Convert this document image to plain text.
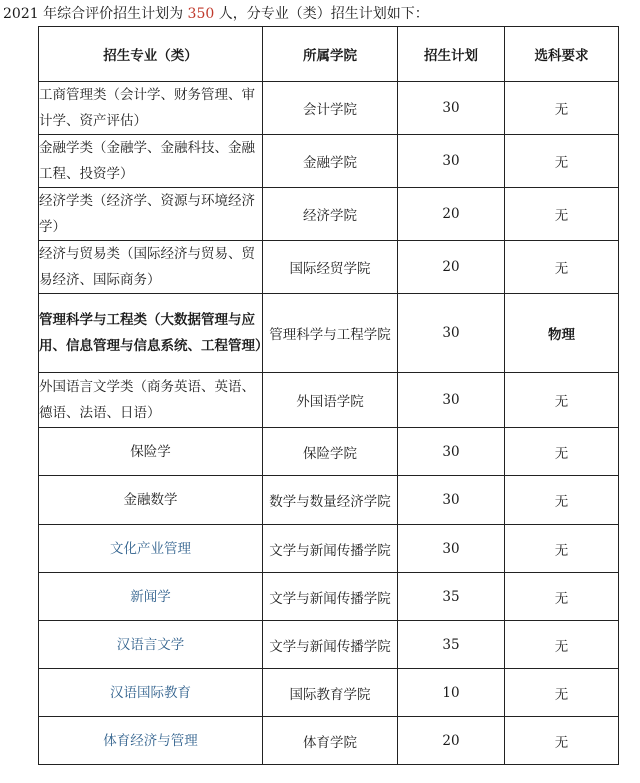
2021 年综合评价招生计划为 350 人，分专业（类）招生计划如下：
招生专业（类）	所属学院	招生计划	选科要求
工商管理类（会计学、财务管理、审计学、资产评估）	会计学院	30	无
金融学类（金融学、金融科技、金融工程、投资学）	金融学院	30	无
经济学类（经济学、资源与环境经济学）	经济学院	20	无
经济与贸易类（国际经济与贸易、贸易经济、国际商务）	国际经贸学院	20	无
管理科学与工程类（大数据管理与应用、信息管理与信息系统、工程管理）	管理科学与工程学院	30	物理
外国语言文学类（商务英语、英语、德语、法语、日语）	外国语学院	30	无
保险学	保险学院	30	无
金融数学	数学与数量经济学院	30	无
文化产业管理	文学与新闻传播学院	30	无
新闻学	文学与新闻传播学院	35	无
汉语言文学	文学与新闻传播学院	35	无
汉语国际教育	国际教育学院	10	无
体育经济与管理	体育学院	20	无
